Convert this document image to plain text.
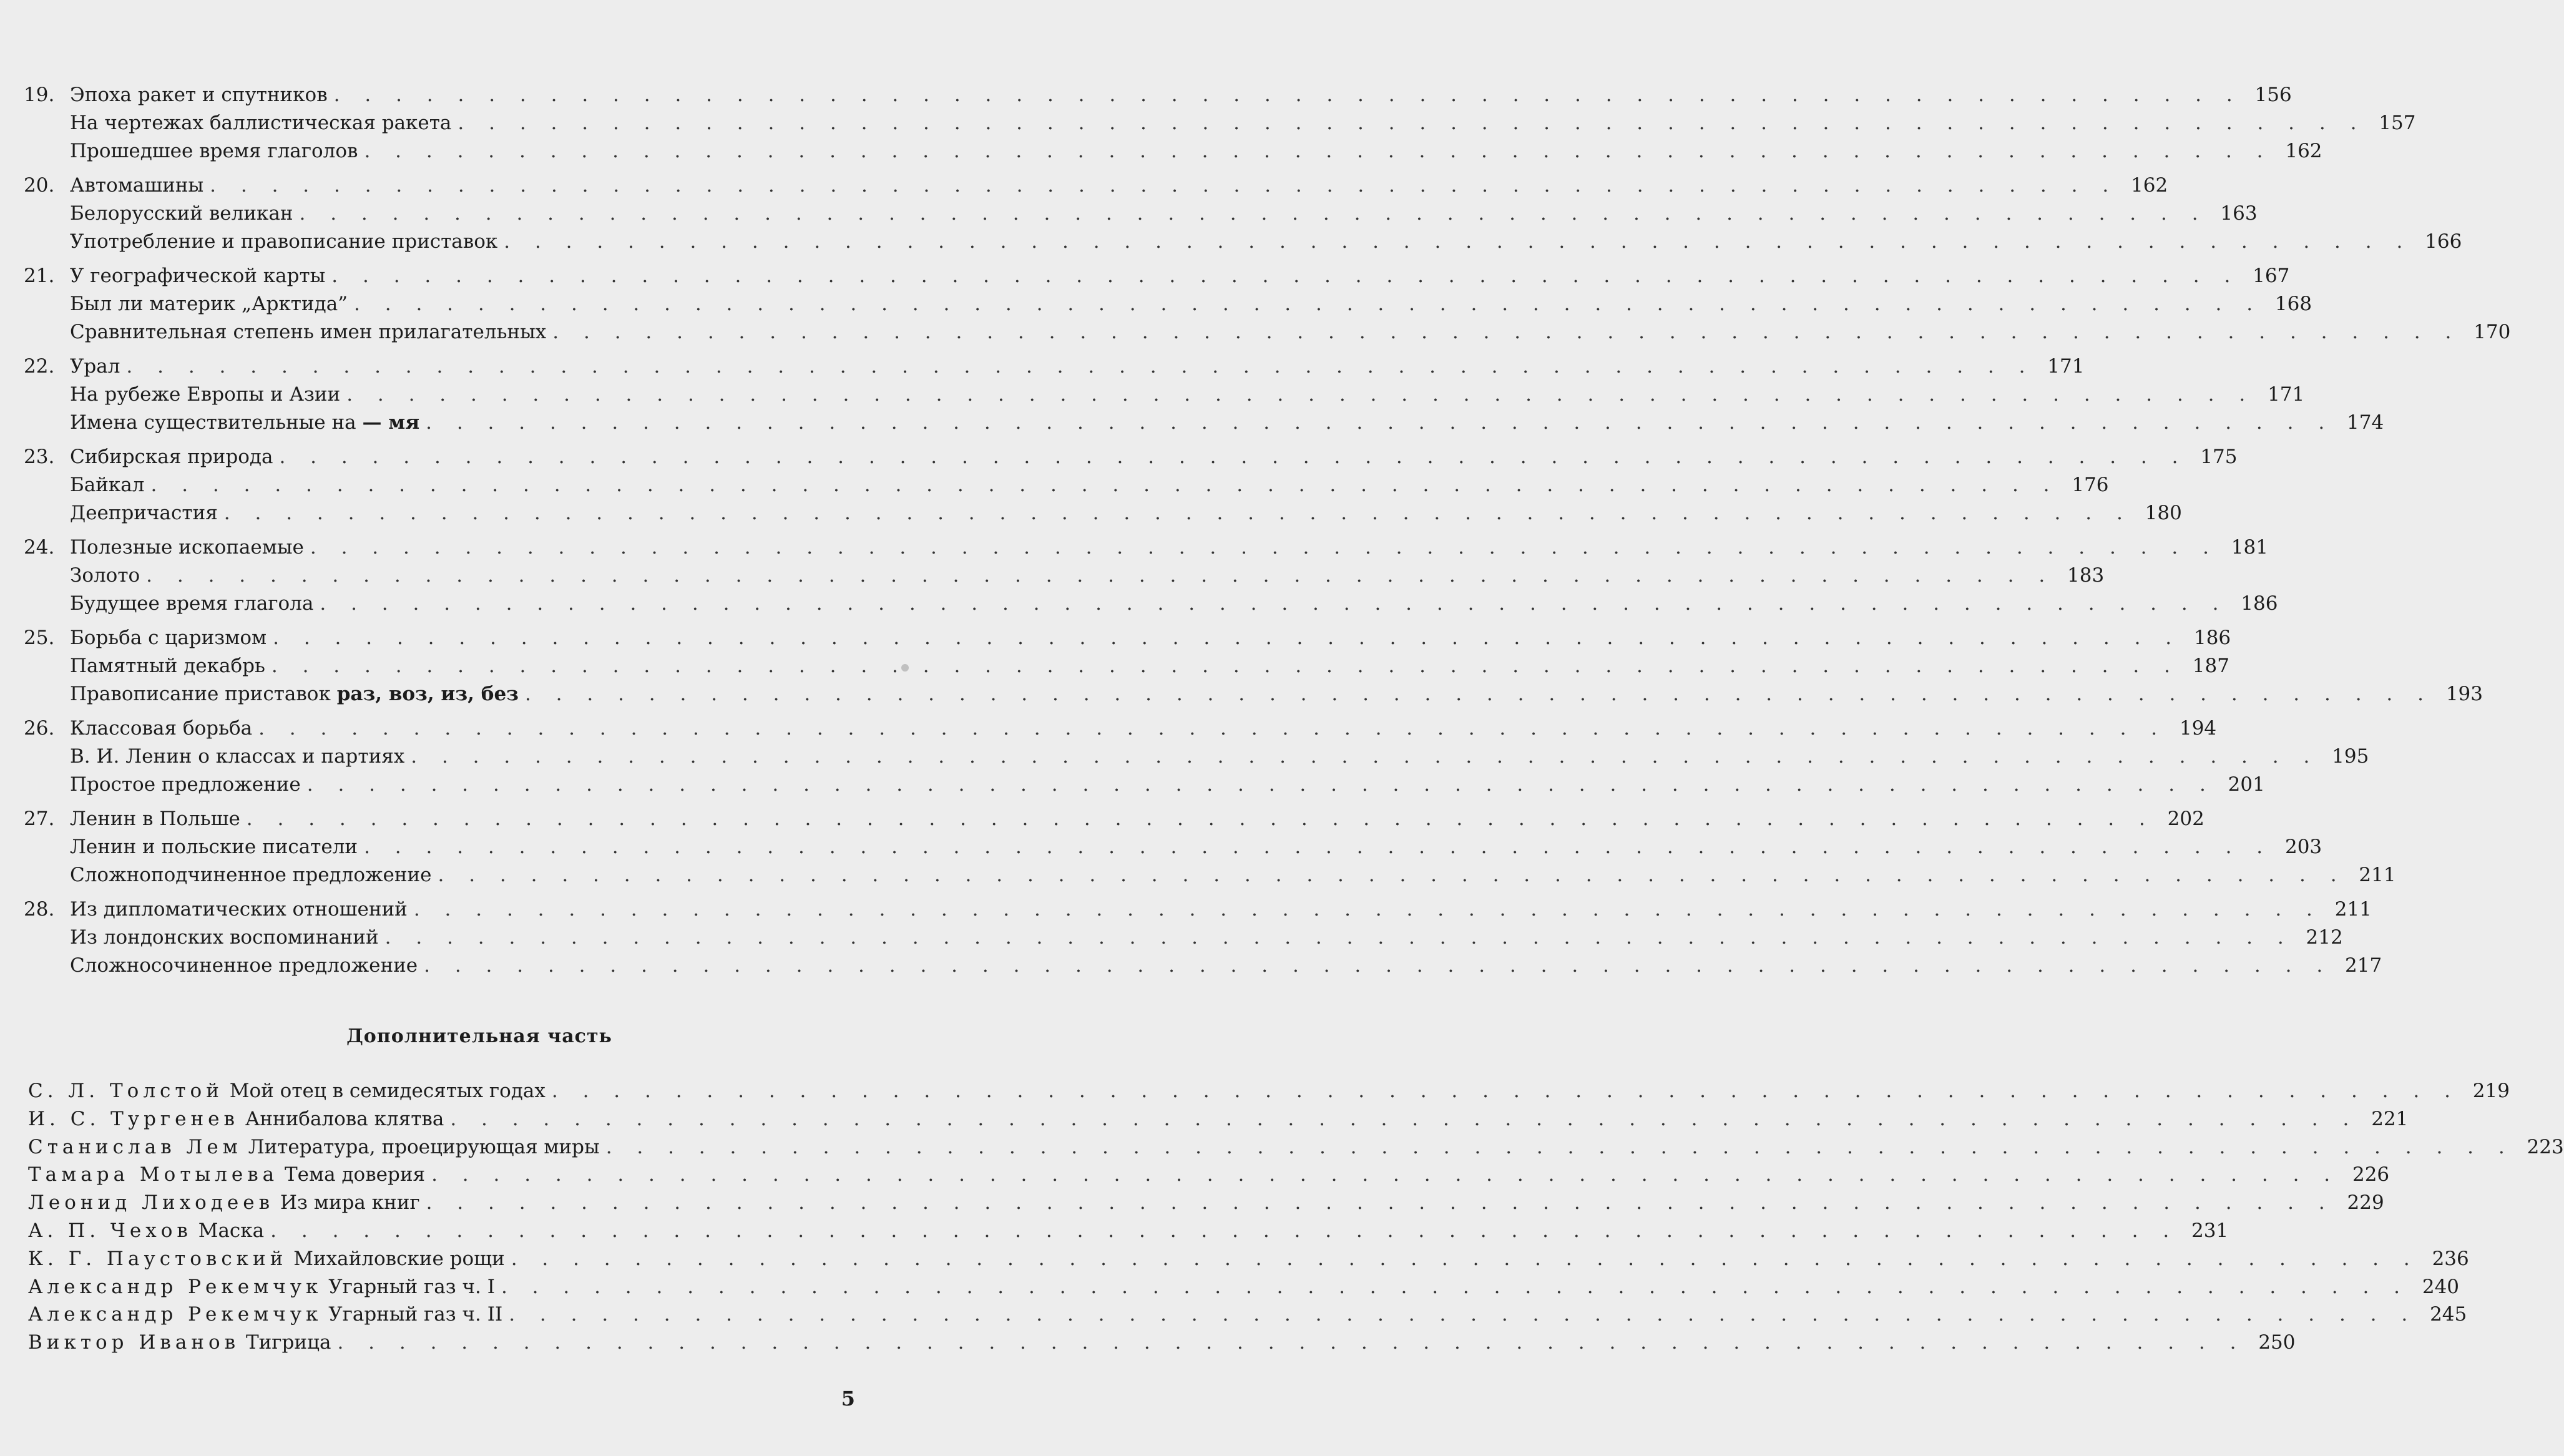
19. Эпоха ракет и спутников . . .	156
На чертежах баллистическая ракета . . .	157
Прошедшее время глаголов . . .	162
20. Автомашины . . .	162
Белорусский великан . . .	163
Употребление и правописание приставок . . .	166
21. У географической карты . . .	167
Был ли материк „Арктида” . . .	168
Сравнительная степень имен прилагательных . . .	170
22. Урал . . .	171
На рубеже Европы и Азии . . .	171
Имена существительные на — мя . . .	174
23. Сибирская природа . . .	175
Байкал . . .	176
Деепричастия . . .	180
24. Полезные ископаемые . . .	181
Золото . . .	183
Будущее время глагола . . .	186
25. Борьба с царизмом . . .	186
Памятный декабрь . . .	187
Правописание приставок раз, воз, из, без . . .	193
26. Классовая борьба . . .	194
В. И. Ленин о классах и партиях . . .	195
Простое предложение . . .	201
27. Ленин в Польше . . .	202
Ленин и польские писатели . . .	203
Сложноподчиненное предложение . . .	211
28. Из дипломатических отношений . . .	211
Из лондонских воспоминаний . . .	212
Сложносочиненное предложение . . .	217
Дополнительная часть
С. Л. Толстой Мой отец в семидесятых годах . . .	219
И. С. Тургенев Аннибалова клятва . . .	221
Станислав Лем Литература, проецирующая миры . . .	223
Тамара Мотылева Тема доверия . . .	226
Леонид Лиходеев Из мира книг . . .	229
А. П. Чехов Маска . . .	231
К. Г. Паустовский Михайловские рощи . . .	236
Александр Рекемчук Угарный газ ч. I . . .	240
Александр Рекемчук Угарный газ ч. II . . .	245
Виктор Иванов Тигрица . . .	250
5
